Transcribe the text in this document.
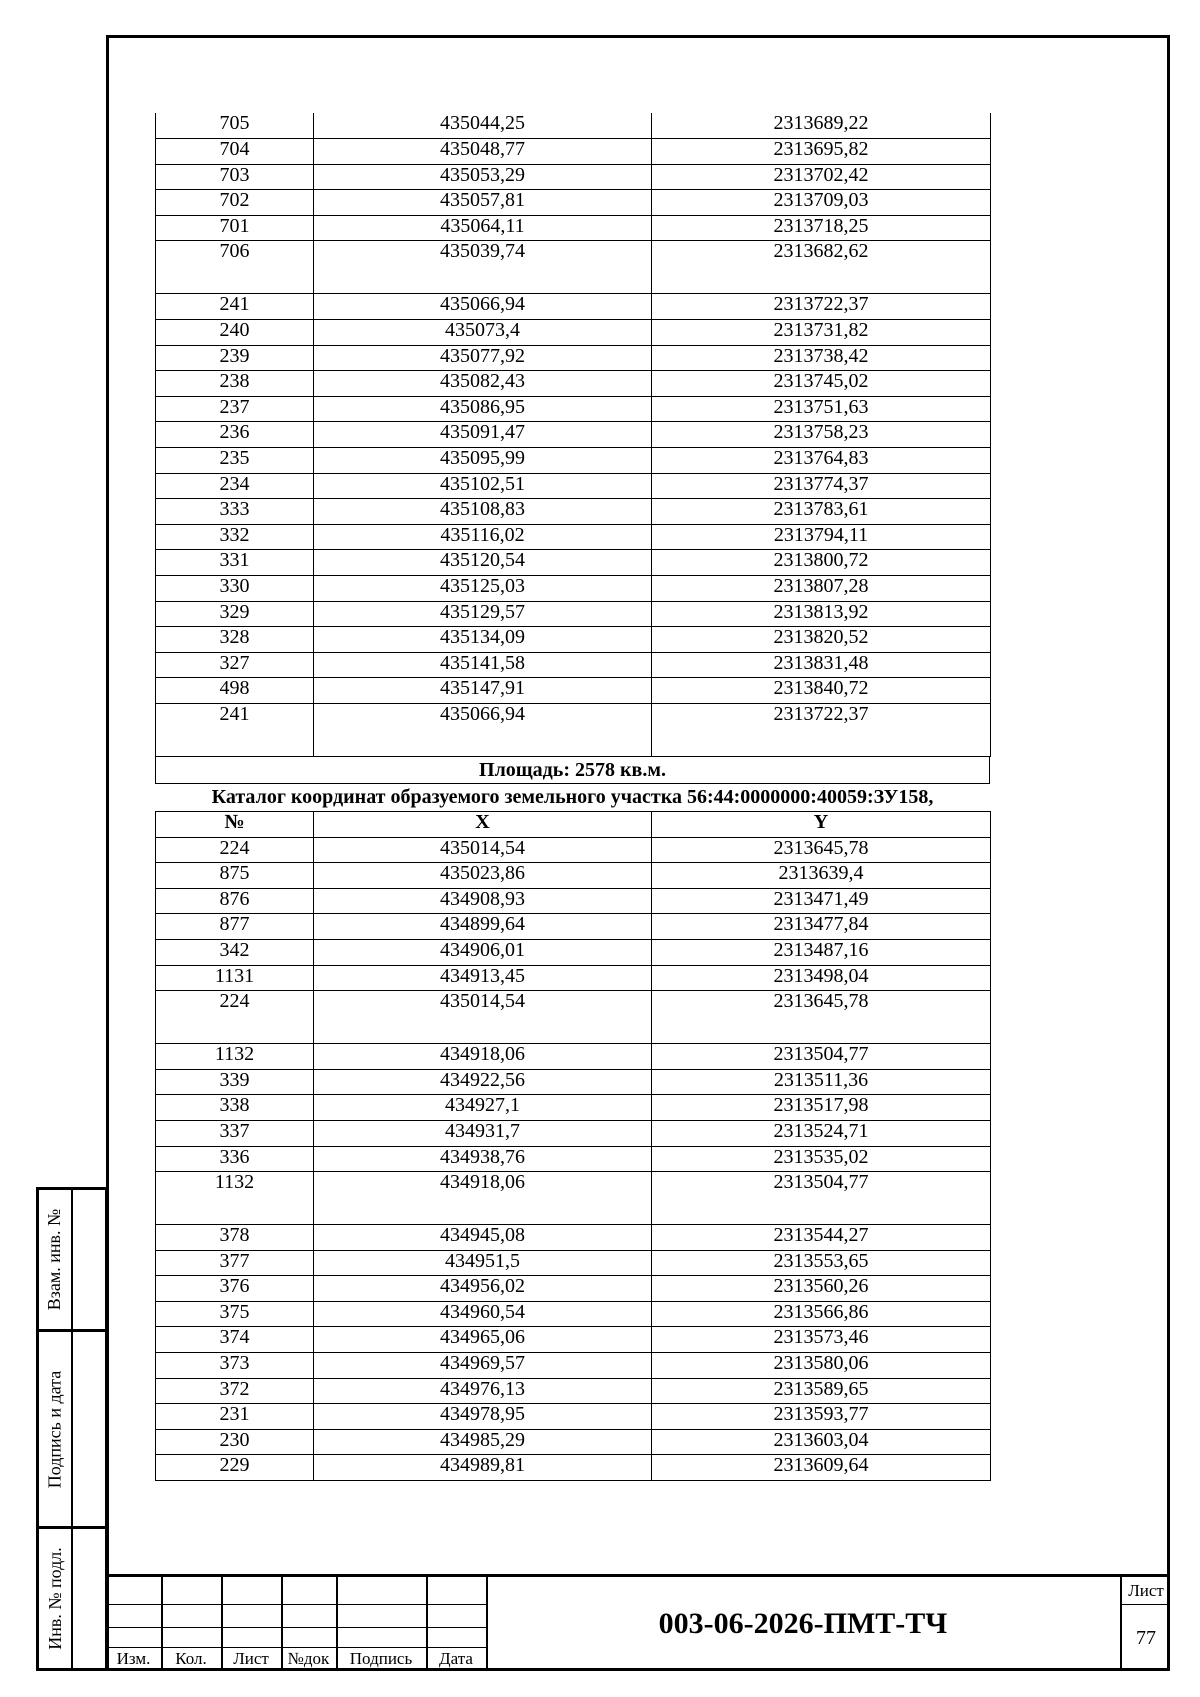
705	435044,25	2313689,22
704	435048,77	2313695,82
703	435053,29	2313702,42
702	435057,81	2313709,03
701	435064,11	2313718,25
706	435039,74	2313682,62
241	435066,94	2313722,37
240	435073,4	2313731,82
239	435077,92	2313738,42
238	435082,43	2313745,02
237	435086,95	2313751,63
236	435091,47	2313758,23
235	435095,99	2313764,83
234	435102,51	2313774,37
333	435108,83	2313783,61
332	435116,02	2313794,11
331	435120,54	2313800,72
330	435125,03	2313807,28
329	435129,57	2313813,92
328	435134,09	2313820,52
327	435141,58	2313831,48
498	435147,91	2313840,72
241	435066,94	2313722,37
Площадь: 2578 кв.м.
Каталог координат образуемого земельного участка 56:44:0000000:40059:ЗУ158,
№	X	Y
224	435014,54	2313645,78
875	435023,86	2313639,4
876	434908,93	2313471,49
877	434899,64	2313477,84
342	434906,01	2313487,16
1131	434913,45	2313498,04
224	435014,54	2313645,78
1132	434918,06	2313504,77
339	434922,56	2313511,36
338	434927,1	2313517,98
337	434931,7	2313524,71
336	434938,76	2313535,02
1132	434918,06	2313504,77
378	434945,08	2313544,27
377	434951,5	2313553,65
376	434956,02	2313560,26
375	434960,54	2313566,86
374	434965,06	2313573,46
373	434969,57	2313580,06
372	434976,13	2313589,65
231	434978,95	2313593,77
230	434985,29	2313603,04
229	434989,81	2313609,64
Взам. инв. №
Подпись и дата
Инв. № подл.
Изм.	Кол.	Лист	№док	Подпись	Дата
003-06-2026-ПМТ-ТЧ
Лист
77
